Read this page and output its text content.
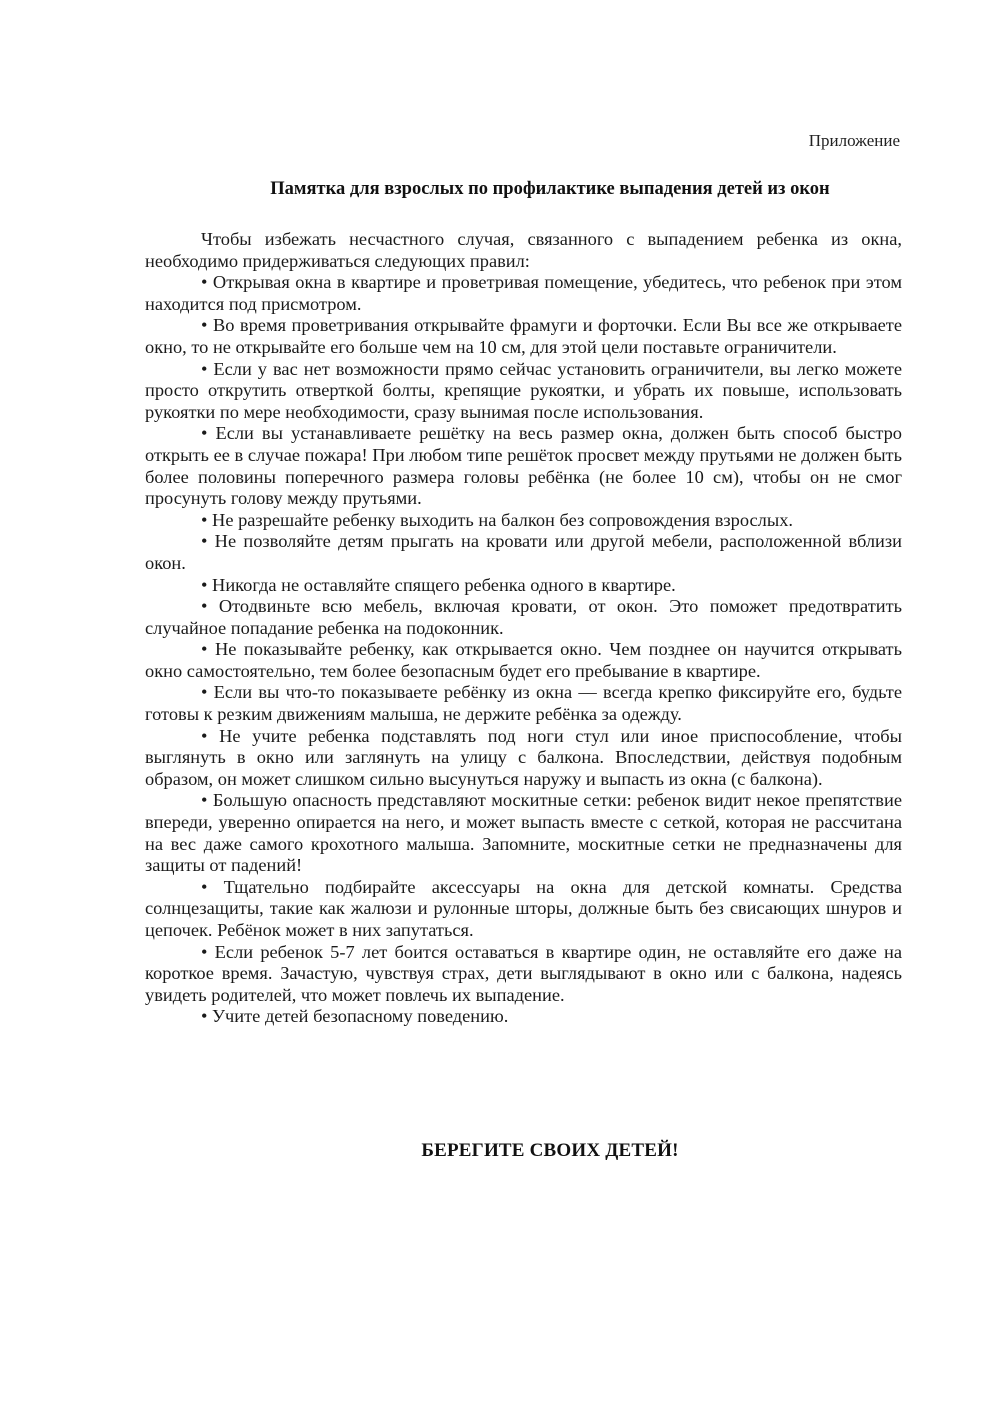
Приложение
Памятка для взрослых по профилактике выпадения детей из окон

Чтобы избежать несчастного случая, связанного с выпадением ребенка из окна, необходимо придерживаться следующих правил:

• Открывая окна в квартире и проветривая помещение, убедитесь, что ребенок при этом находится под присмотром.

• Во время проветривания открывайте фрамуги и форточки. Если Вы все же открываете окно, то не открывайте его больше чем на 10 см, для этой цели поставьте ограничители.

• Если у вас нет возможности прямо сейчас установить ограничители, вы легко можете просто открутить отверткой болты, крепящие рукоятки, и убрать их повыше, использовать рукоятки по мере необходимости, сразу вынимая после использования.

• Если вы устанавливаете решётку на весь размер окна, должен быть способ быстро открыть ее в случае пожара! При любом типе решёток просвет между прутьями не должен быть более половины поперечного размера головы ребёнка (не более 10 см), чтобы он не смог просунуть голову между прутьями.

• Не разрешайте ребенку выходить на балкон без сопровождения взрослых.

• Не позволяйте детям прыгать на кровати или другой мебели, расположенной вблизи окон.

• Никогда не оставляйте спящего ребенка одного в квартире.

• Отодвиньте всю мебель, включая кровати, от окон. Это поможет предотвратить случайное попадание ребенка на подоконник.

• Не показывайте ребенку, как открывается окно. Чем позднее он научится открывать окно самостоятельно, тем более безопасным будет его пребывание в квартире.

• Если вы что-то показываете ребёнку из окна — всегда крепко фиксируйте его, будьте готовы к резким движениям малыша, не держите ребёнка за одежду.

• Не учите ребенка подставлять под ноги стул или иное приспособление, чтобы выглянуть в окно или заглянуть на улицу с балкона. Впоследствии, действуя подобным образом, он может слишком сильно высунуться наружу и выпасть из окна (с балкона).

• Большую опасность представляют москитные сетки: ребенок видит некое препятствие впереди, уверенно опирается на него, и может выпасть вместе с сеткой, которая не рассчитана на вес даже самого крохотного малыша. Запомните, москитные сетки не предназначены для защиты от падений!

• Тщательно подбирайте аксессуары на окна для детской комнаты. Средства солнцезащиты, такие как жалюзи и рулонные шторы, должные быть без свисающих шнуров и цепочек. Ребёнок может в них запутаться.

• Если ребенок 5-7 лет боится оставаться в квартире один, не оставляйте его даже на короткое время. Зачастую, чувствуя страх, дети выглядывают в окно или с балкона, надеясь увидеть родителей, что может повлечь их выпадение.

• Учите детей безопасному поведению.

БЕРЕГИТЕ СВОИХ ДЕТЕЙ!
